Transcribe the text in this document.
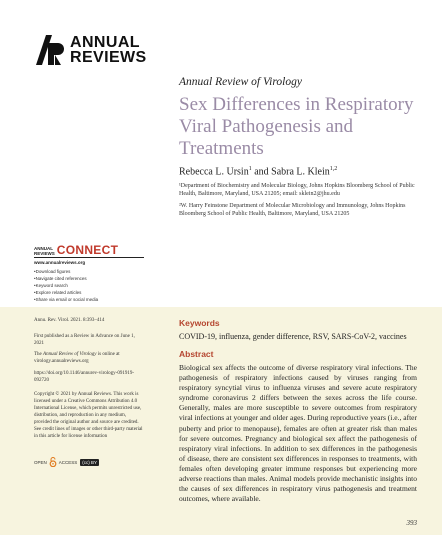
ANNUAL
REVIEWS
Annual Review of Virology
Sex Differences in Respiratory Viral Pathogenesis and Treatments
Rebecca L. Ursin$^1$ and Sabra L. Klein$^{1,2}$
¹Department of Biochemistry and Molecular Biology, Johns Hopkins Bloomberg School of Public Health, Baltimore, Maryland, USA 21205; email: sklein2@jhu.edu
²W. Harry Feinstone Department of Molecular Microbiology and Immunology, Johns Hopkins Bloomberg School of Public Health, Baltimore, Maryland, USA 21205
ANNUAL
REVIEWS CONNECT
www.annualreviews.org
• Download figures
• Navigate cited references
• Keyword search
• Explore related articles
• Share via email or social media
Annu. Rev. Virol. 2021. 8:393–414
First published as a Review in Advance on June 1, 2021
The Annual Review of Virology is online at virology.annualreviews.org
https://doi.org/10.1146/annurev-virology-091919-092720
Copyright © 2021 by Annual Reviews. This work is licensed under a Creative Commons Attribution 4.0 International License, which permits unrestricted use, distribution, and reproduction in any medium, provided the original author and source are credited. See credit lines of images or other third-party material in this article for license information
OPEN	ACCESS	(cc) BY
Keywords
COVID-19, influenza, gender difference, RSV, SARS-CoV-2, vaccines
Abstract
Biological sex affects the outcome of diverse respiratory viral infections. The pathogenesis of respiratory infections caused by viruses ranging from respiratory syncytial virus to influenza viruses and severe acute respiratory syndrome coronavirus 2 differs between the sexes across the life course. Generally, males are more susceptible to severe outcomes from respiratory viral infections at younger and older ages. During reproductive years (i.e., after puberty and prior to menopause), females are often at greater risk than males for severe outcomes. Pregnancy and biological sex affect the pathogenesis of respiratory viral infections. In addition to sex differences in the pathogenesis of disease, there are consistent sex differences in responses to treatments, with females often developing greater immune responses but experiencing more adverse reactions than males. Animal models provide mechanistic insights into the causes of sex differences in respiratory virus pathogenesis and treatment outcomes, where available.
393
